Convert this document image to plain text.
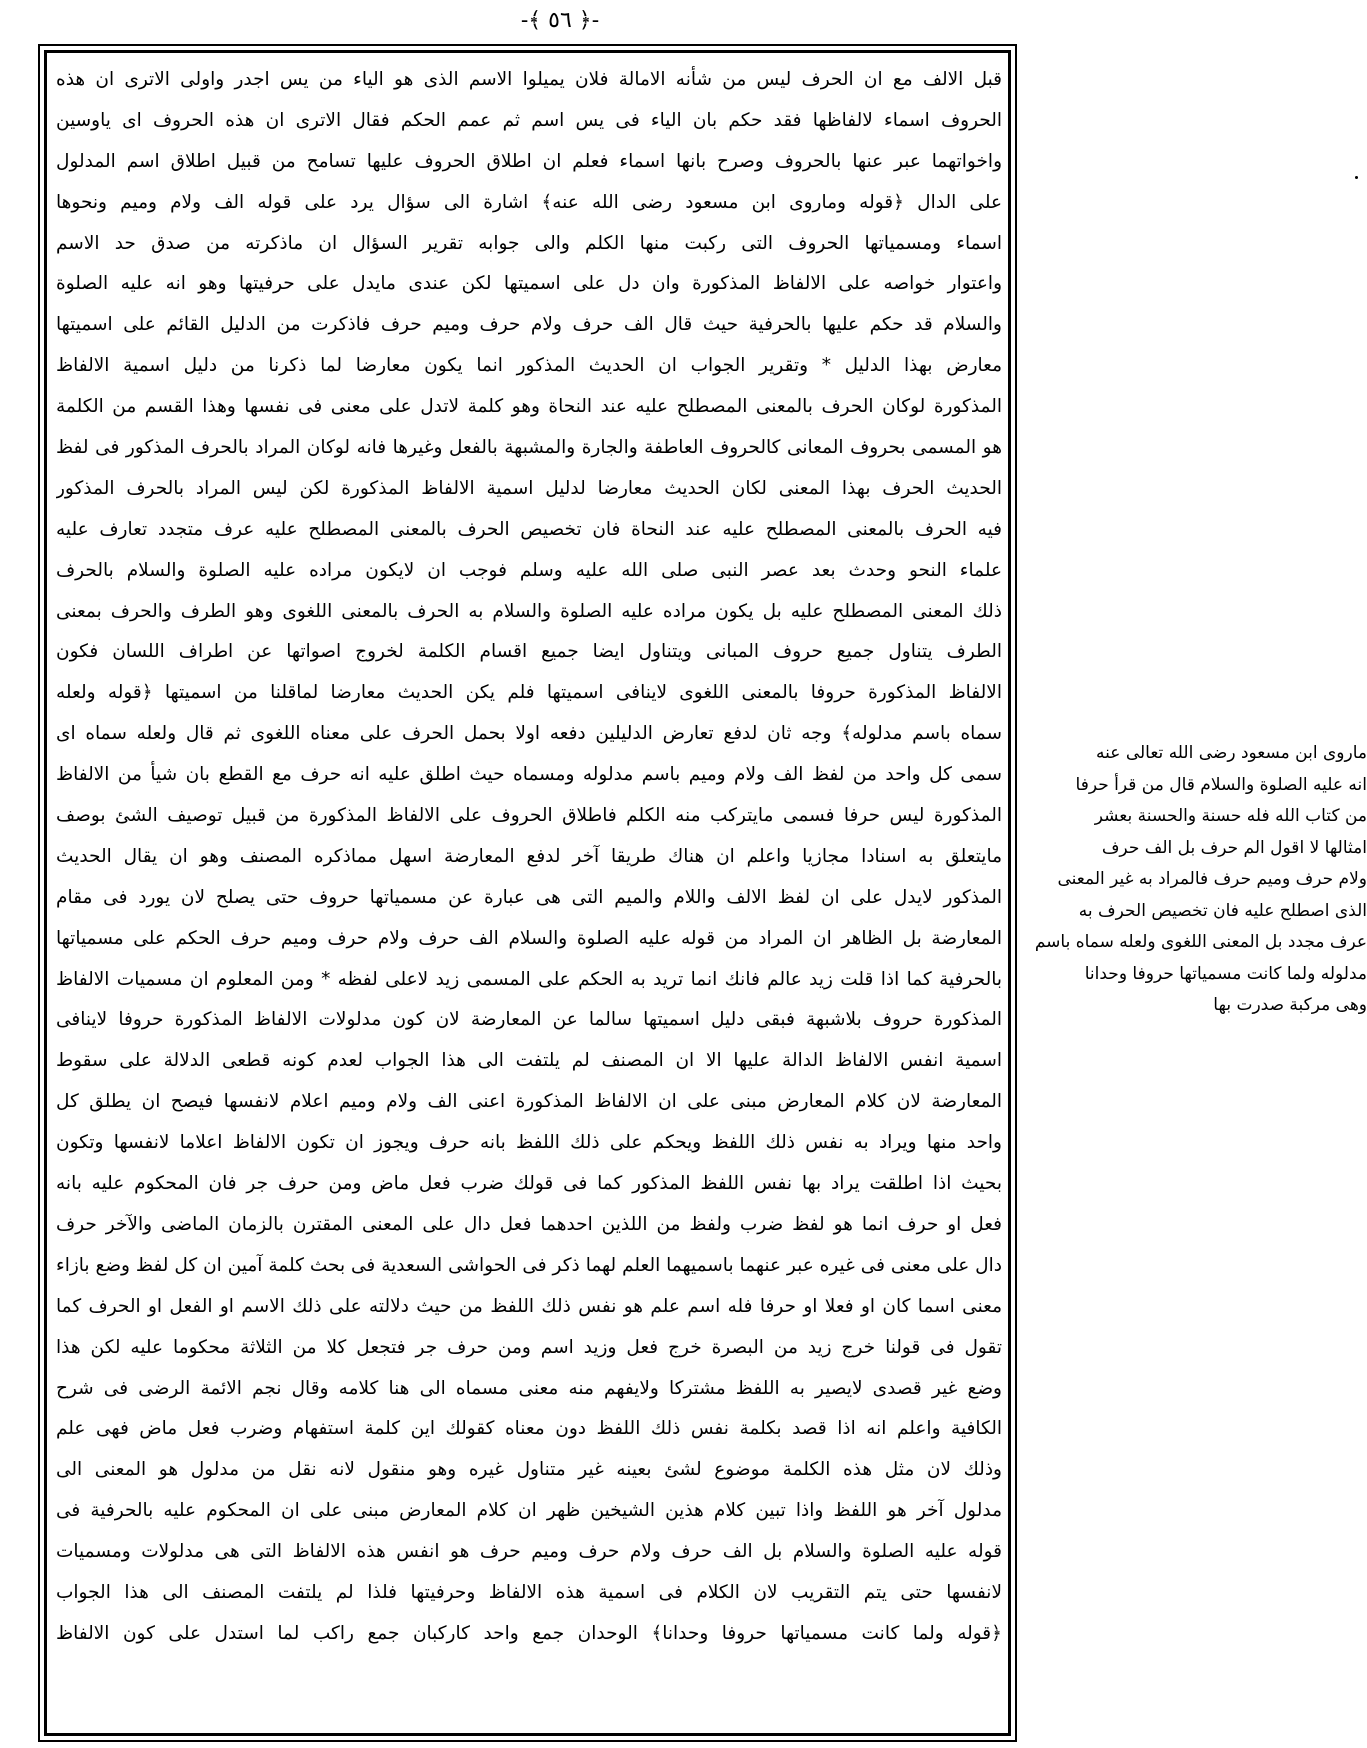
-﴿ ٥٦ ﴾-
قبل الالف مع ان الحرف ليس من شأنه الامالة فلان يميلوا الاسم الذى هو الياء من يس اجدر واولى الاترى ان هذه
الحروف اسماء لالفاظها فقد حكم بان الياء فى يس اسم ثم عمم الحكم فقال الاترى ان هذه الحروف اى ياوسين
واخواتهما عبر عنها بالحروف وصرح بانها اسماء فعلم ان اطلاق الحروف عليها تسامح من قبيل اطلاق اسم المدلول
على الدال ﴿قوله وماروى ابن مسعود رضى الله عنه﴾ اشارة الى سؤال يرد على قوله الف ولام وميم ونحوها
اسماء ومسمياتها الحروف التى ركبت منها الكلم والى جوابه تقرير السؤال ان ماذكرته من صدق حد الاسم
واعتوار خواصه على الالفاظ المذكورة وان دل على اسميتها لكن عندى مايدل على حرفيتها وهو انه عليه الصلوة
والسلام قد حكم عليها بالحرفية حيث قال الف حرف ولام حرف وميم حرف فاذكرت من الدليل القائم على اسميتها
معارض بهذا الدليل * وتقرير الجواب ان الحديث المذكور انما يكون معارضا لما ذكرنا من دليل اسمية الالفاظ
المذكورة لوكان الحرف بالمعنى المصطلح عليه عند النحاة وهو كلمة لاتدل على معنى فى نفسها وهذا القسم من الكلمة
هو المسمى بحروف المعانى كالحروف العاطفة والجارة والمشبهة بالفعل وغيرها فانه لوكان المراد بالحرف المذكور فى لفظ
الحديث الحرف بهذا المعنى لكان الحديث معارضا لدليل اسمية الالفاظ المذكورة لكن ليس المراد بالحرف المذكور
فيه الحرف بالمعنى المصطلح عليه عند النحاة فان تخصيص الحرف بالمعنى المصطلح عليه عرف متجدد تعارف عليه
علماء النحو وحدث بعد عصر النبى صلى الله عليه وسلم فوجب ان لايكون مراده عليه الصلوة والسلام بالحرف
ذلك المعنى المصطلح عليه بل يكون مراده عليه الصلوة والسلام به الحرف بالمعنى اللغوى وهو الطرف والحرف بمعنى
الطرف يتناول جميع حروف المبانى ويتناول ايضا جميع اقسام الكلمة لخروج اصواتها عن اطراف اللسان فكون
الالفاظ المذكورة حروفا بالمعنى اللغوى لاينافى اسميتها فلم يكن الحديث معارضا لماقلنا من اسميتها ﴿قوله ولعله
سماه باسم مدلوله﴾ وجه ثان لدفع تعارض الدليلين دفعه اولا بحمل الحرف على معناه اللغوى ثم قال ولعله سماه اى
سمى كل واحد من لفظ الف ولام وميم باسم مدلوله ومسماه حيث اطلق عليه انه حرف مع القطع بان شيأ من الالفاظ
المذكورة ليس حرفا فسمى مايتركب منه الكلم فاطلاق الحروف على الالفاظ المذكورة من قبيل توصيف الشئ بوصف
مايتعلق به اسنادا مجازيا واعلم ان هناك طريقا آخر لدفع المعارضة اسهل مماذكره المصنف وهو ان يقال الحديث
المذكور لايدل على ان لفظ الالف واللام والميم التى هى عبارة عن مسمياتها حروف حتى يصلح لان يورد فى مقام
المعارضة بل الظاهر ان المراد من قوله عليه الصلوة والسلام الف حرف ولام حرف وميم حرف الحكم على مسمياتها
بالحرفية كما اذا قلت زيد عالم فانك انما تريد به الحكم على المسمى زيد لاعلى لفظه * ومن المعلوم ان مسميات الالفاظ
المذكورة حروف بلاشبهة فبقى دليل اسميتها سالما عن المعارضة لان كون مدلولات الالفاظ المذكورة حروفا لاينافى
اسمية انفس الالفاظ الدالة عليها الا ان المصنف لم يلتفت الى هذا الجواب لعدم كونه قطعى الدلالة على سقوط
المعارضة لان كلام المعارض مبنى على ان الالفاظ المذكورة اعنى الف ولام وميم اعلام لانفسها فيصح ان يطلق كل
واحد منها ويراد به نفس ذلك اللفظ ويحكم على ذلك اللفظ بانه حرف ويجوز ان تكون الالفاظ اعلاما لانفسها وتكون
بحيث اذا اطلقت يراد بها نفس اللفظ المذكور كما فى قولك ضرب فعل ماض ومن حرف جر فان المحكوم عليه بانه
فعل او حرف انما هو لفظ ضرب ولفظ من اللذين احدهما فعل دال على المعنى المقترن بالزمان الماضى والآخر حرف
دال على معنى فى غيره عبر عنهما باسميهما العلم لهما ذكر فى الحواشى السعدية فى بحث كلمة آمين ان كل لفظ وضع بازاء
معنى اسما كان او فعلا او حرفا فله اسم علم هو نفس ذلك اللفظ من حيث دلالته على ذلك الاسم او الفعل او الحرف كما
تقول فى قولنا خرج زيد من البصرة خرج فعل وزيد اسم ومن حرف جر فتجعل كلا من الثلاثة محكوما عليه لكن هذا
وضع غير قصدى لايصير به اللفظ مشتركا ولايفهم منه معنى مسماه الى هنا كلامه وقال نجم الائمة الرضى فى شرح
الكافية واعلم انه اذا قصد بكلمة نفس ذلك اللفظ دون معناه كقولك اين كلمة استفهام وضرب فعل ماض فهى علم
وذلك لان مثل هذه الكلمة موضوع لشئ بعينه غير متناول غيره وهو منقول لانه نقل من مدلول هو المعنى الى
مدلول آخر هو اللفظ واذا تبين كلام هذين الشيخين ظهر ان كلام المعارض مبنى على ان المحكوم عليه بالحرفية فى
قوله عليه الصلوة والسلام بل الف حرف ولام حرف وميم حرف هو انفس هذه الالفاظ التى هى مدلولات ومسميات
لانفسها حتى يتم التقريب لان الكلام فى اسمية هذه الالفاظ وحرفيتها فلذا لم يلتفت المصنف الى هذا الجواب
﴿قوله ولما كانت مسمياتها حروفا وحدانا﴾ الوحدان جمع واحد كاركبان جمع راكب لما استدل على كون الالفاظ
ماروى ابن مسعود رضى الله تعالى عنه
انه عليه الصلوة والسلام قال من قرأ حرفا
من كتاب الله فله حسنة والحسنة بعشر
امثالها لا اقول الم حرف بل الف حرف
ولام حرف وميم حرف فالمراد به غير المعنى
الذى اصطلح عليه فان تخصيص الحرف به
عرف مجدد بل المعنى اللغوى ولعله سماه باسم
مدلوله ولما كانت مسمياتها حروفا وحدانا
وهى مركبة صدرت بها
